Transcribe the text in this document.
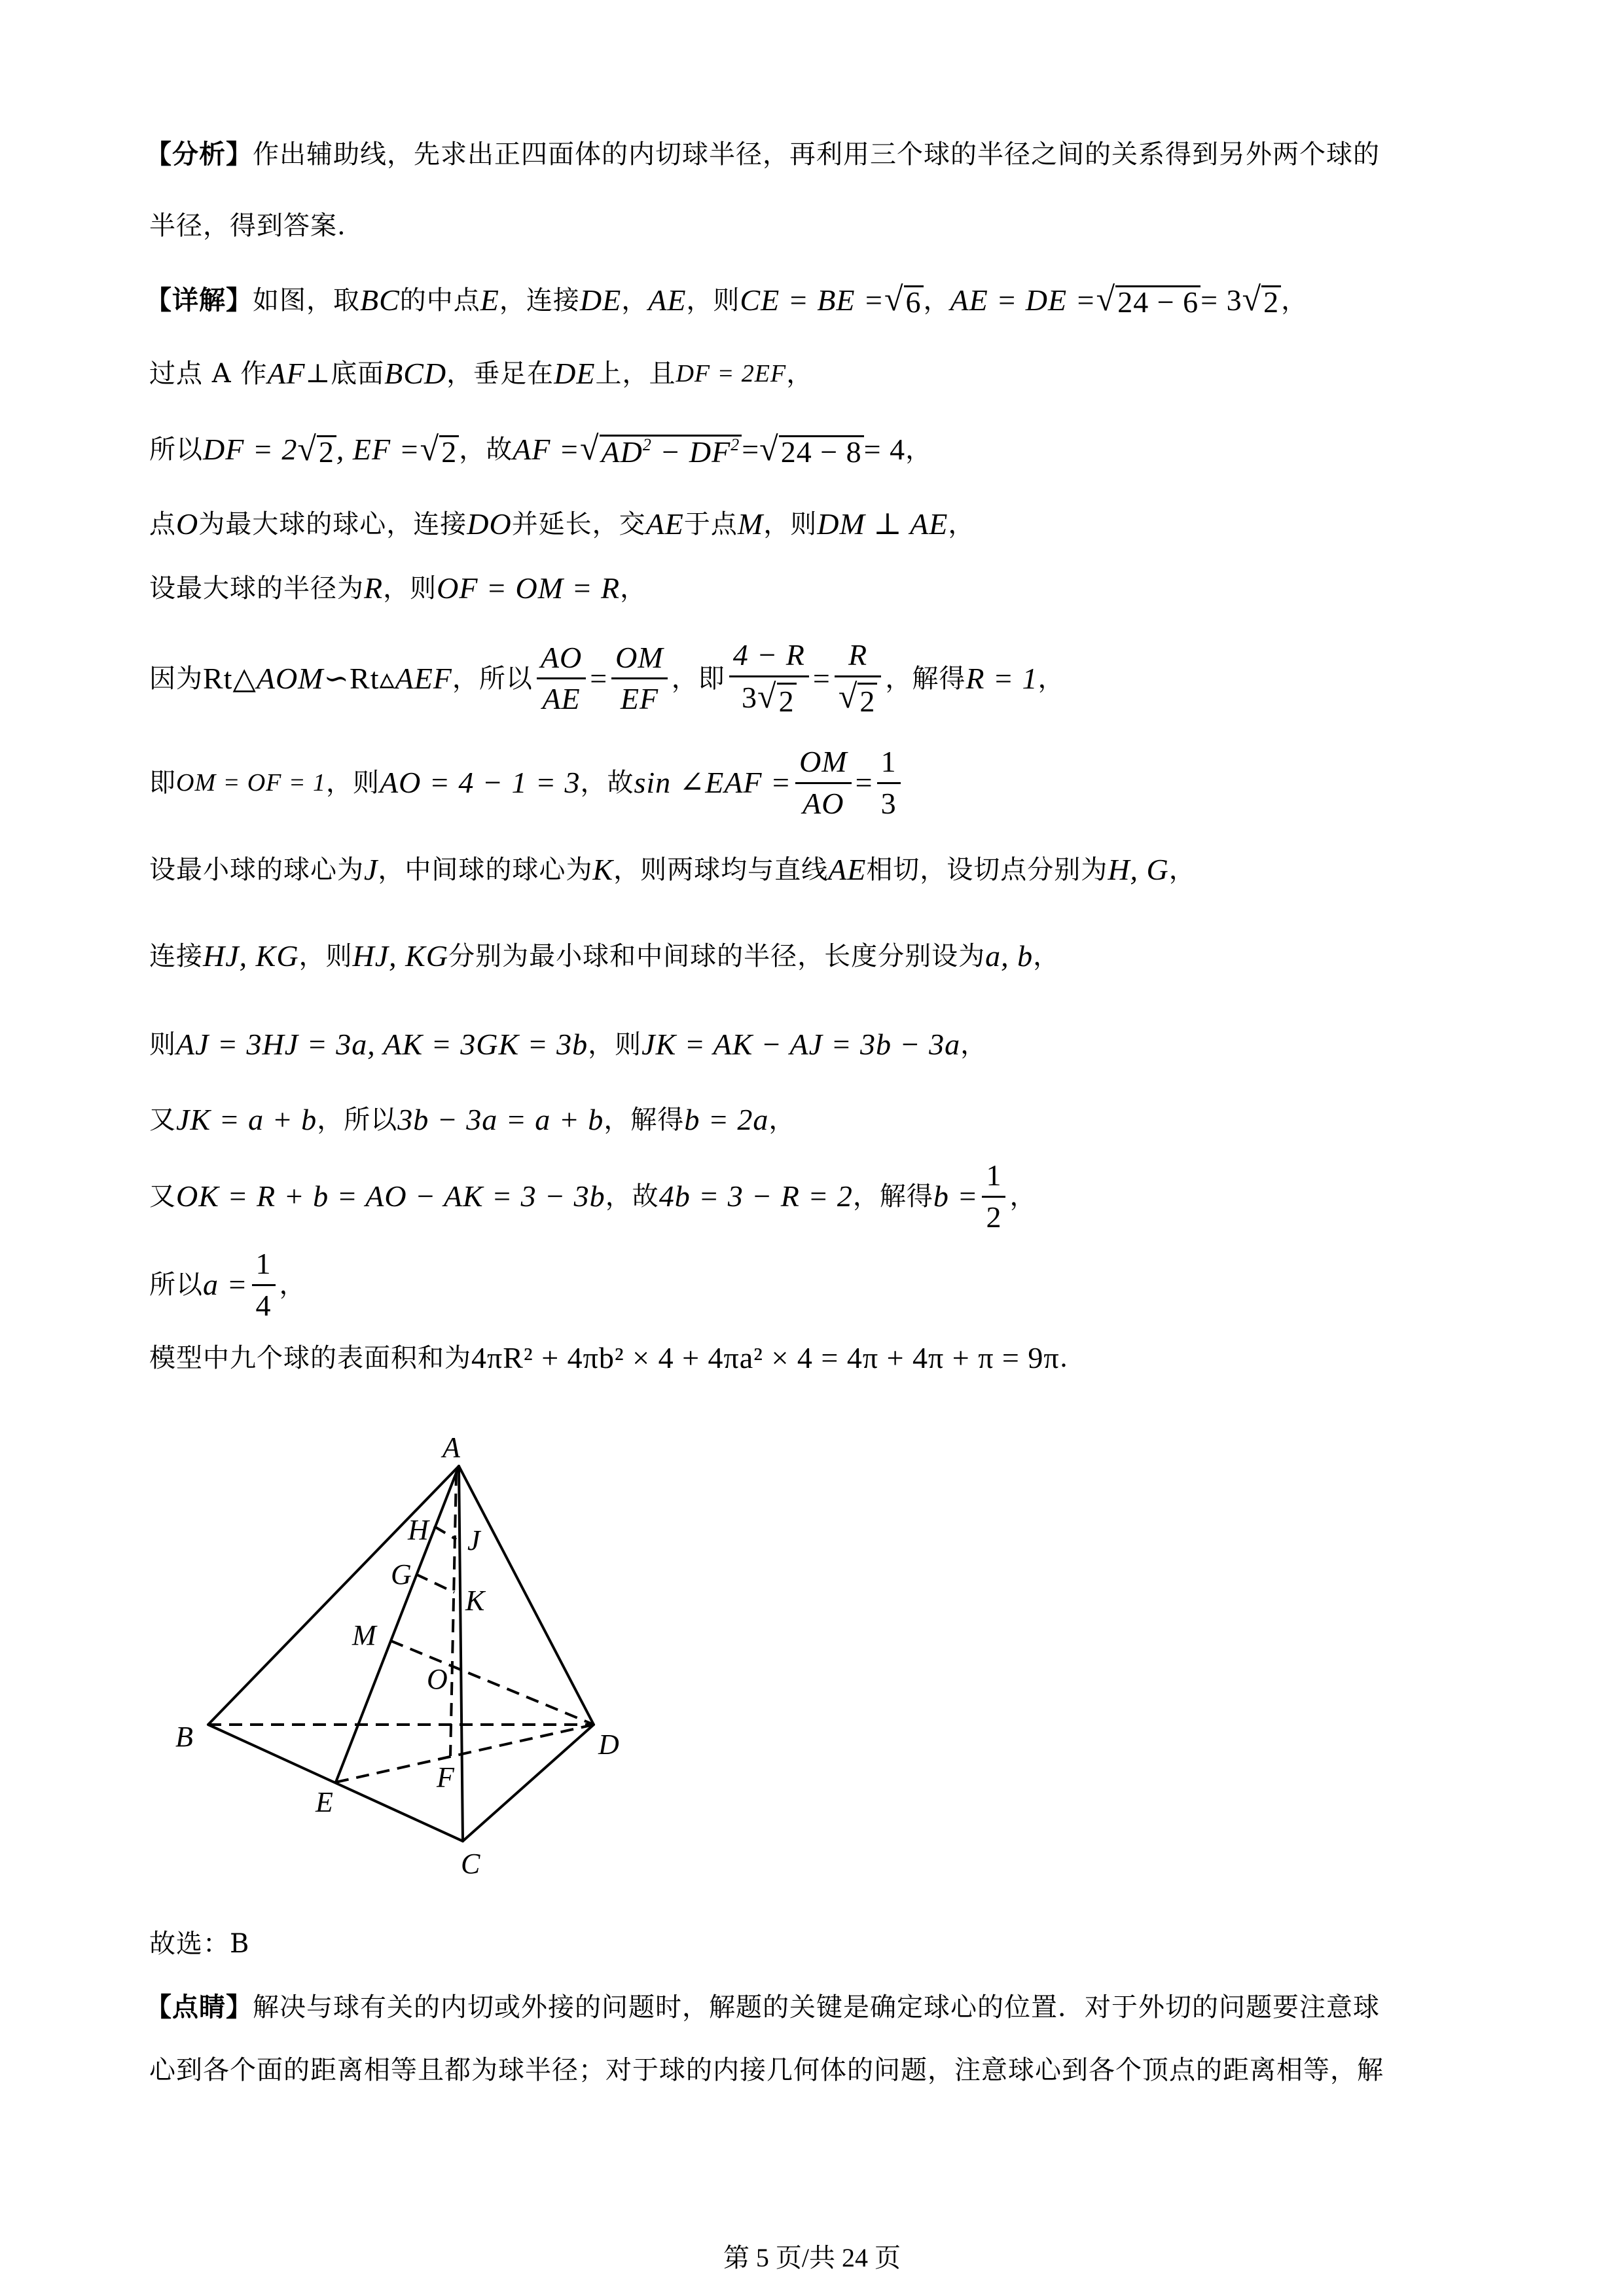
【分析】 作出辅助线，先求出正四面体的内切球半径，再利用三个球的半径之间的关系得到另外两个球的
半径，得到答案.
【详解】 如图，取 BC 的中点 E ，连接 DE ， AE ，则 CE = BE = √ 6 ， AE = DE = √ 24 − 6 = 3 √ 2 ，
过点 A 作 AF ⊥底面 BCD ，垂足在 DE 上，且 DF = 2EF ，
所以 DF = 2 √ 2 , EF = √ 2 ，故 AF = √ $AD^2 - DF^2$ = √ 24 − 8 = 4 ，
点 O 为最大球的球心，连接 DO 并延长，交 AE 于点 M ，则 DM ⊥ AE ，
设最大球的半径为 R ，则 OF = OM = R ，
因为 Rt△ AOM ∽ Rt▵ AEF ，所以 $\frac{AO}{AE} = \frac{OM}{EF}$ ，即 $\frac{4 - R}{3 √ 2} = \frac{R}{√ 2}$ ，解得 R = 1 ，
即 OM = OF = 1 ，则 AO = 4 − 1 = 3 ，故 sin ∠EAF = $\frac{OM}{AO} = \frac{1}{3}$
设最小球的球心为 J ，中间球的球心为 K ，则两球均与直线 AE 相切，设切点分别为 H, G ，
连接 HJ, KG ，则 HJ, KG 分别为最小球和中间球的半径，长度分别设为 a, b ，
则 AJ = 3HJ = 3a, AK = 3GK = 3b ，则 JK = AK − AJ = 3b − 3a ，
又 JK = a + b ，所以 3b − 3a = a + b ，解得 b = 2a ，
又 OK = R + b = AO − AK = 3 − 3b ，故 4b = 3 − R = 2 ，解得 $b = \frac{1}{2}$ ，
所以 $a = \frac{1}{4}$ ，
模型中九个球的表面积和为 4πR² + 4πb² × 4 + 4πa² × 4 = 4π + 4π + π = 9π .
A
B
C
D
E
F
H J
G
K
M
O
故选：B
【点睛】 解决与球有关的内切或外接的问题时，解题的关键是确定球心的位置．对于外切的问题要注意球
心到各个面的距离相等且都为球半径；对于球的内接几何体的问题，注意球心到各个顶点的距离相等，解
第 5 页/共 24 页
